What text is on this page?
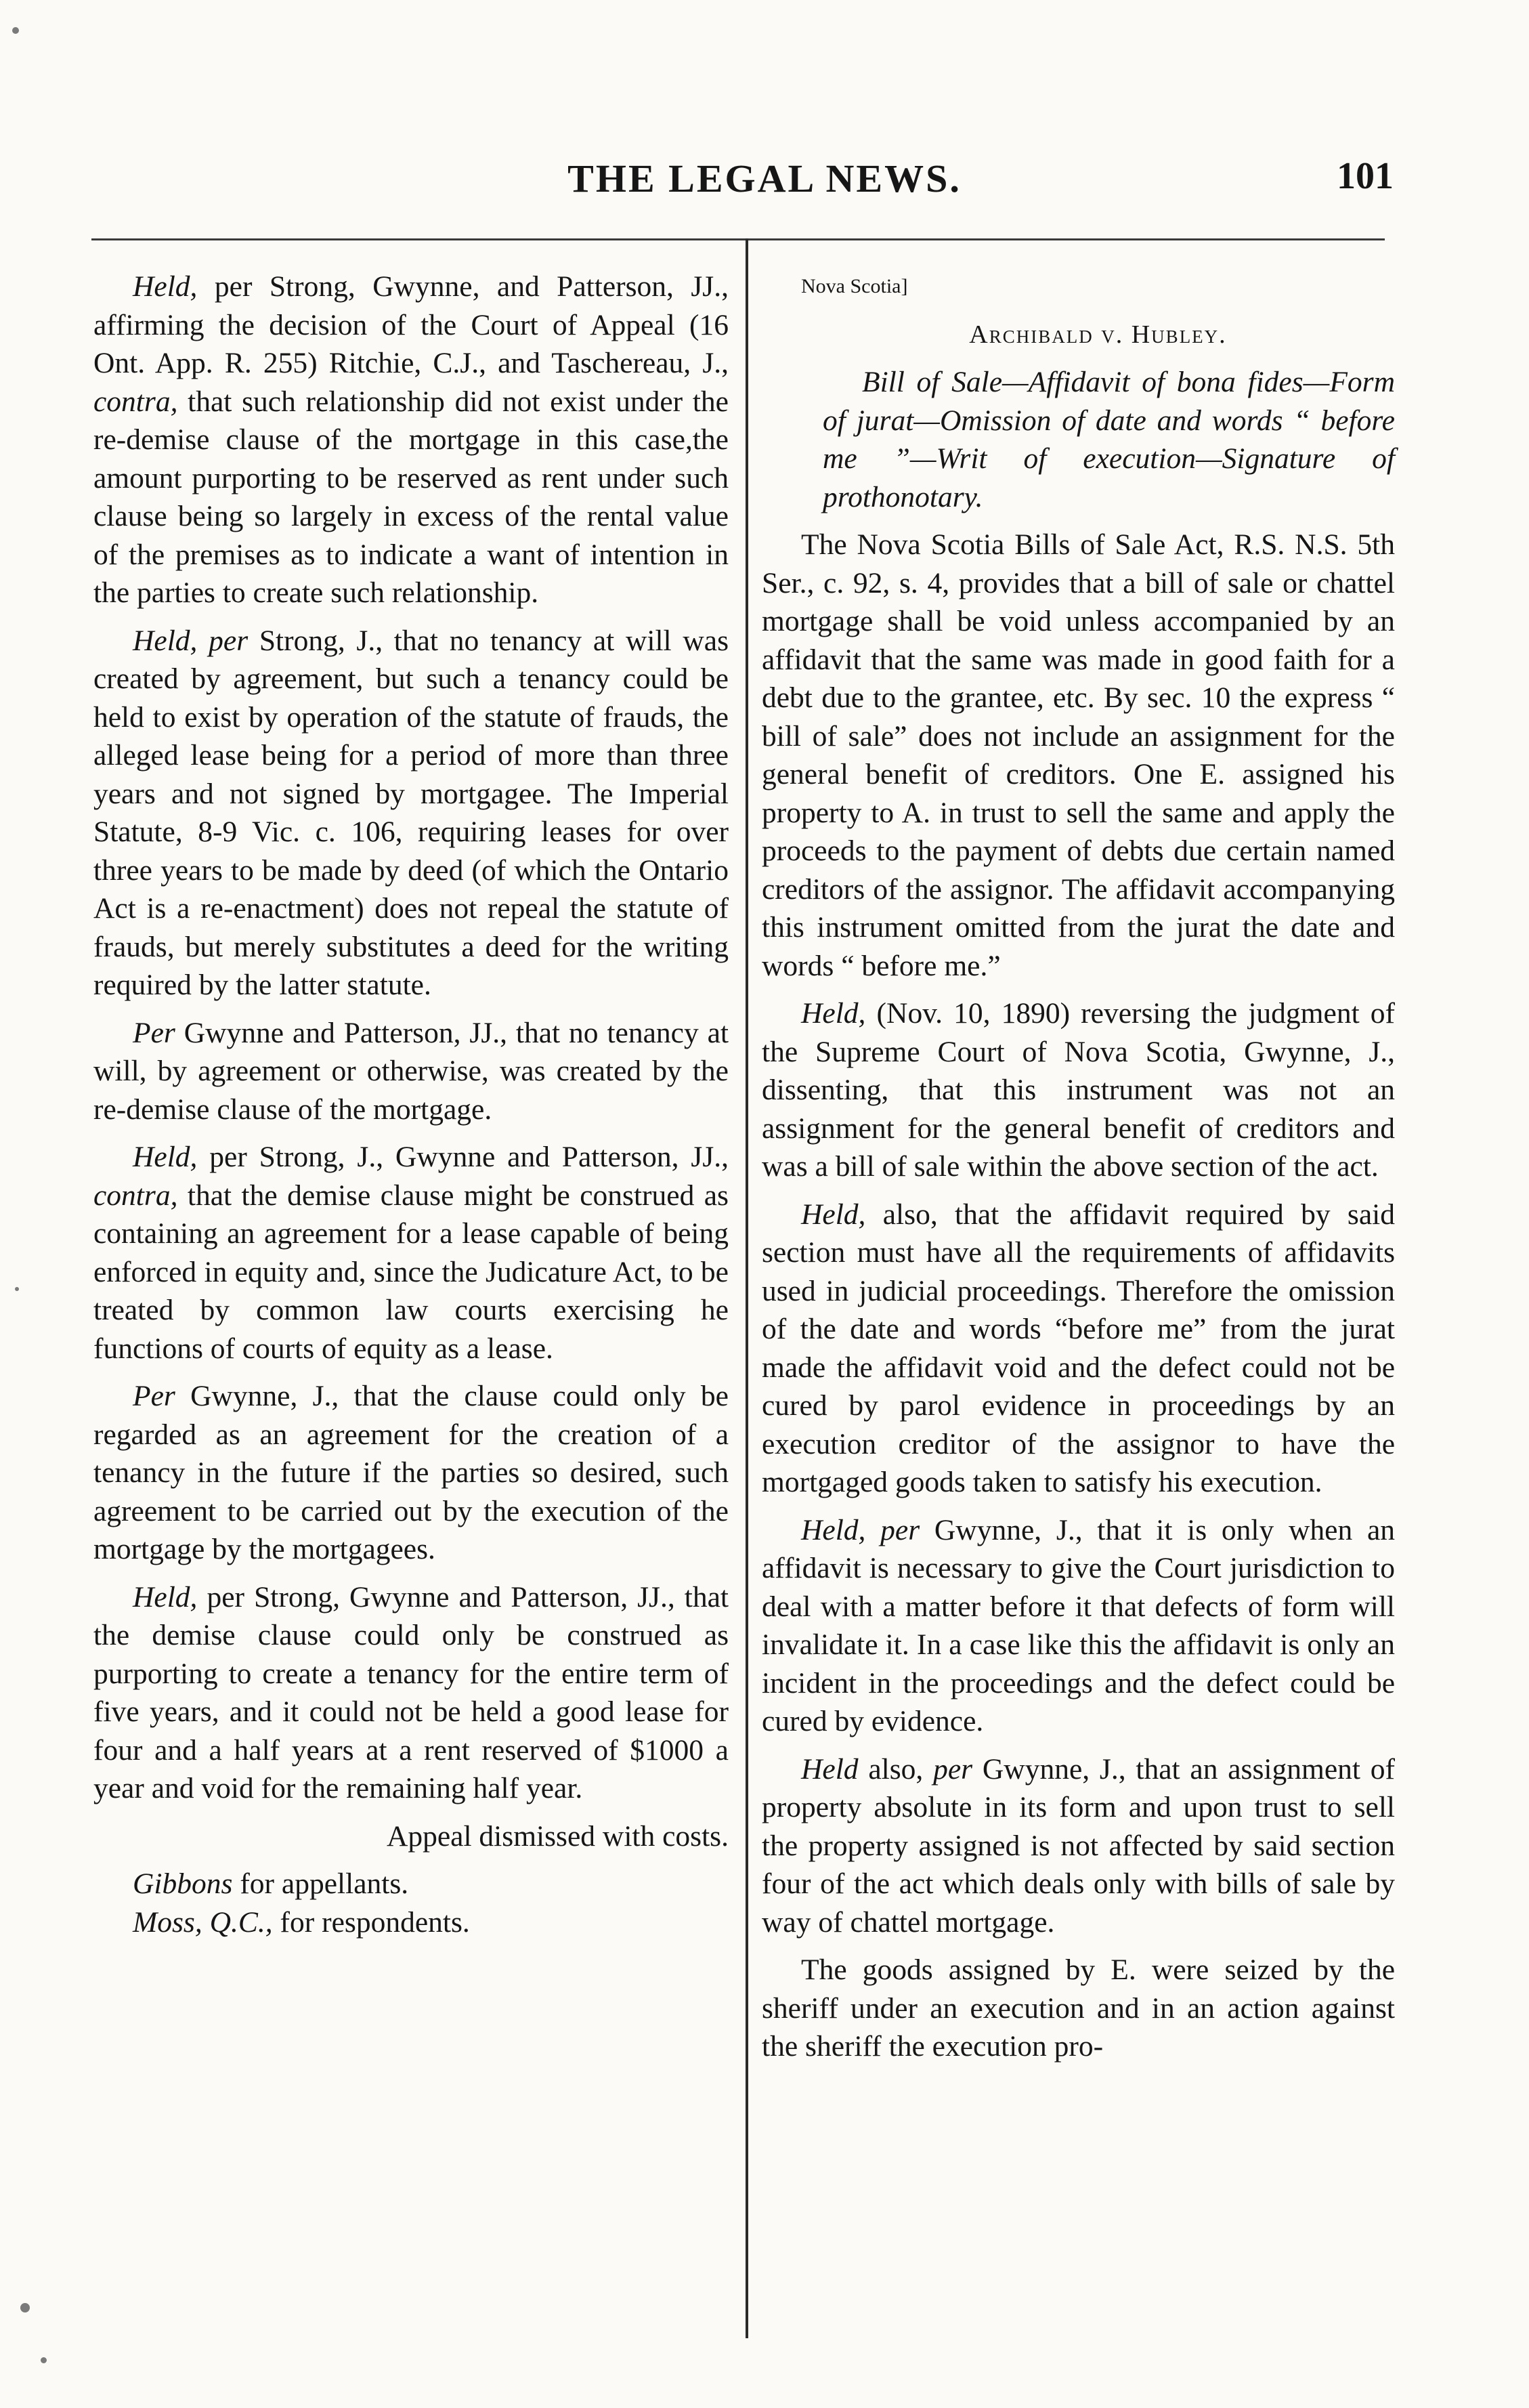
THE LEGAL NEWS.	101

Held, per Strong, Gwynne, and Patterson, JJ., affirming the decision of the Court of Appeal (16 Ont. App. R. 255) Ritchie, C.J., and Taschereau, J., contra, that such relationship did not exist under the re-demise clause of the mortgage in this case,the amount purporting to be reserved as rent under such clause being so largely in excess of the rental value of the premises as to indicate a want of intention in the parties to create such relationship.

Held, per Strong, J., that no tenancy at will was created by agreement, but such a tenancy could be held to exist by operation of the statute of frauds, the alleged lease being for a period of more than three years and not signed by mortgagee. The Imperial Statute, 8-9 Vic. c. 106, requiring leases for over three years to be made by deed (of which the Ontario Act is a re-enactment) does not repeal the statute of frauds, but merely substitutes a deed for the writing required by the latter statute.

Per Gwynne and Patterson, JJ., that no tenancy at will, by agreement or otherwise, was created by the re-demise clause of the mortgage.

Held, per Strong, J., Gwynne and Patterson, JJ., contra, that the demise clause might be construed as containing an agreement for a lease capable of being enforced in equity and, since the Judicature Act, to be treated by common law courts exercising he functions of courts of equity as a lease.

Per Gwynne, J., that the clause could only be regarded as an agreement for the creation of a tenancy in the future if the parties so desired, such agreement to be carried out by the execution of the mortgage by the mortgagees.

Held, per Strong, Gwynne and Patterson, JJ., that the demise clause could only be construed as purporting to create a tenancy for the entire term of five years, and it could not be held a good lease for four and a half years at a rent reserved of $1000 a year and void for the remaining half year.

Appeal dismissed with costs.

Gibbons for appellants.

Moss, Q.C., for respondents.

Nova Scotia]

Archibald v. Hubley.

Bill of Sale—Affidavit of bona fides—Form of jurat—Omission of date and words “ before me ”—Writ of execution—Signature of prothonotary.

The Nova Scotia Bills of Sale Act, R.S. N.S. 5th Ser., c. 92, s. 4, provides that a bill of sale or chattel mortgage shall be void unless accompanied by an affidavit that the same was made in good faith for a debt due to the grantee, etc. By sec. 10 the express “ bill of sale” does not include an assignment for the general benefit of creditors. One E. assigned his property to A. in trust to sell the same and apply the proceeds to the payment of debts due certain named creditors of the assignor. The affidavit accompanying this instrument omitted from the jurat the date and words “ before me.”

Held, (Nov. 10, 1890) reversing the judgment of the Supreme Court of Nova Scotia, Gwynne, J., dissenting, that this instrument was not an assignment for the general benefit of creditors and was a bill of sale within the above section of the act.

Held, also, that the affidavit required by said section must have all the requirements of affidavits used in judicial proceedings. Therefore the omission of the date and words “before me” from the jurat made the affidavit void and the defect could not be cured by parol evidence in proceedings by an execution creditor of the assignor to have the mortgaged goods taken to satisfy his execution.

Held, per Gwynne, J., that it is only when an affidavit is necessary to give the Court jurisdiction to deal with a matter before it that defects of form will invalidate it. In a case like this the affidavit is only an incident in the proceedings and the defect could be cured by evidence.

Held also, per Gwynne, J., that an assignment of property absolute in its form and upon trust to sell the property assigned is not affected by said section four of the act which deals only with bills of sale by way of chattel mortgage.

The goods assigned by E. were seized by the sheriff under an execution and in an action against the sheriff the execution pro-
